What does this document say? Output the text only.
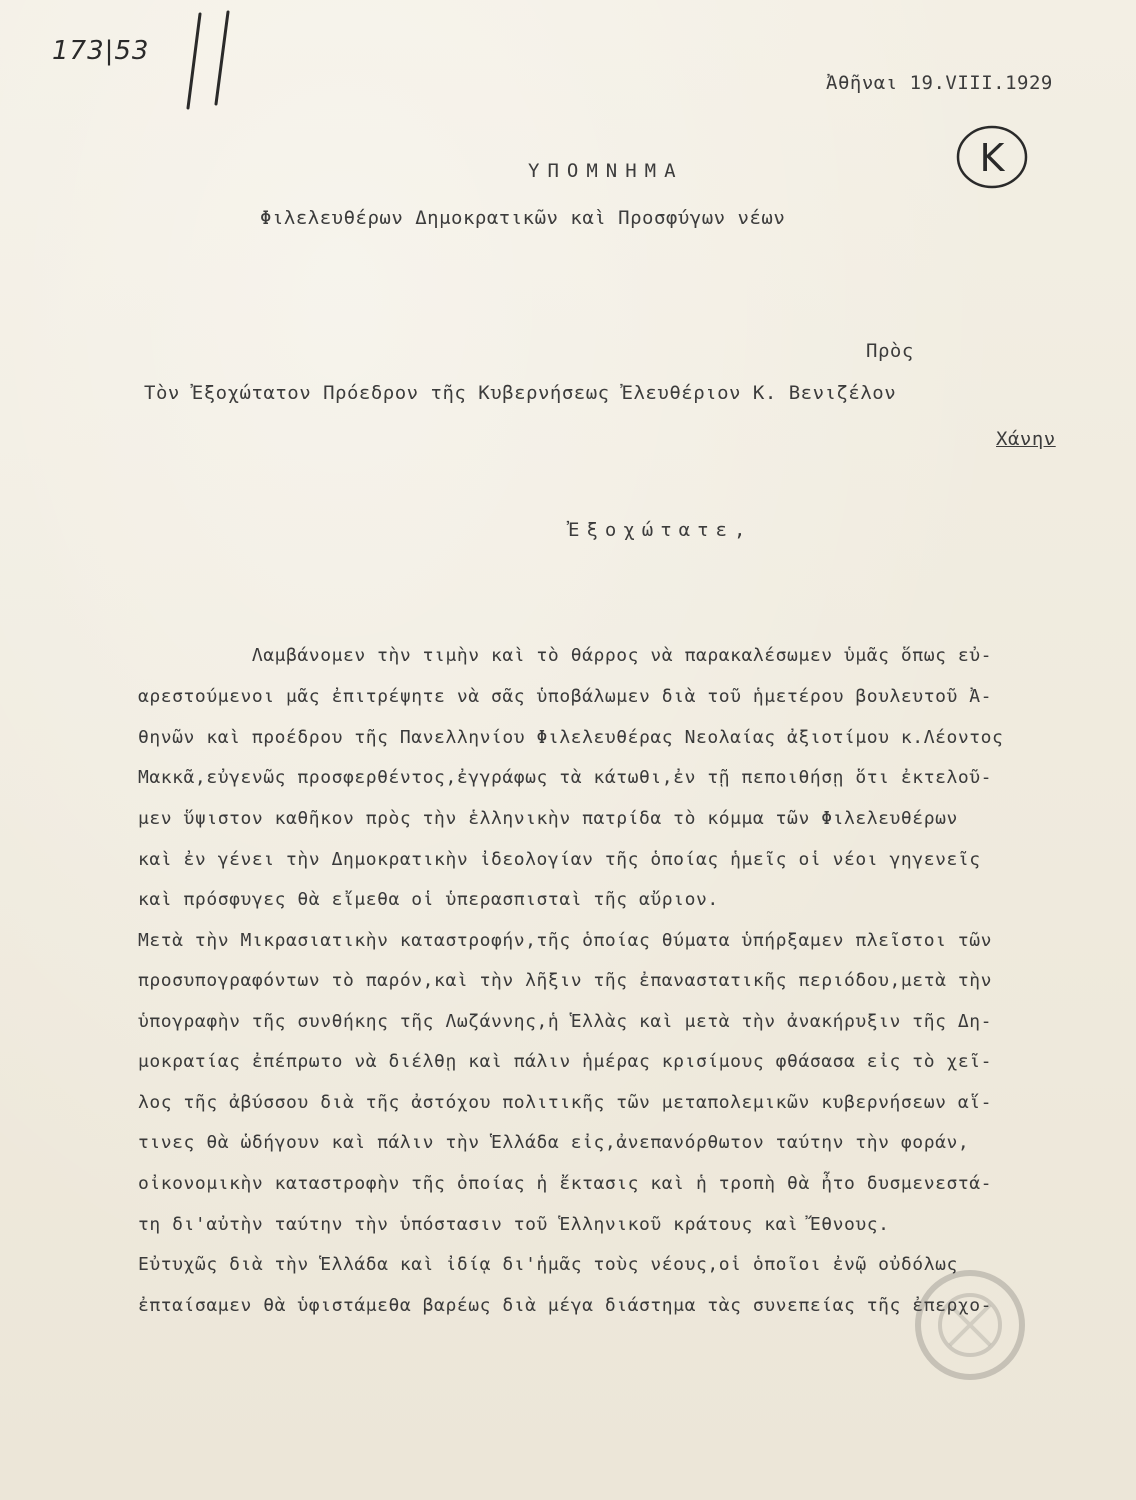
173|53
Ἀθῆναι 19.VIII.1929
K
ΥΠΟΜΝΗΜΑ
Φιλελευθέρων Δημοκρατικῶν καὶ Προσφύγων νέων
Πρὸς
Τὸν Ἐξοχώτατον Πρόεδρον τῆς Κυβερνήσεως Ἐλευθέριον Κ. Βενιζέλον
Χάνην
Ἐξοχώτατε,
Λαμβάνομεν τὴν τιμὴν καὶ τὸ θάρρος νὰ παρακαλέσωμεν ὑμᾶς ὅπως εὐ-
αρεστούμενοι μᾶς ἐπιτρέψητε νὰ σᾶς ὑποβάλωμεν διὰ τοῦ ἡμετέρου βουλευτοῦ Ἀ-
θηνῶν καὶ προέδρου τῆς Πανελληνίου Φιλελευθέρας Νεολαίας ἀξιοτίμου κ.Λέοντος
Μακκᾶ,εὐγενῶς προσφερθέντος,ἐγγράφως τὰ κάτωθι,ἐν τῇ πεποιθήσῃ ὅτι ἐκτελοῦ-
μεν ὕψιστον καθῆκον πρὸς τὴν ἑλληνικὴν πατρίδα τὸ κόμμα τῶν Φιλελευθέρων
καὶ ἐν γένει τὴν Δημοκρατικὴν ἰδεολογίαν τῆς ὁποίας ἡμεῖς οἱ νέοι γηγενεῖς
καὶ πρόσφυγες θὰ εἴμεθα οἱ ὑπερασπισταὶ τῆς αὔριον.
Μετὰ τὴν Μικρασιατικὴν καταστροφήν,τῆς ὁποίας θύματα ὑπήρξαμεν πλεῖστοι τῶν
προσυπογραφόντων τὸ παρόν,καὶ τὴν λῆξιν τῆς ἐπαναστατικῆς περιόδου,μετὰ τὴν
ὑπογραφὴν τῆς συνθήκης τῆς Λωζάννης,ἡ Ἑλλὰς καὶ μετὰ τὴν ἀνακήρυξιν τῆς Δη-
μοκρατίας ἐπέπρωτο νὰ διέλθῃ καὶ πάλιν ἡμέρας κρισίμους φθάσασα εἰς τὸ χεῖ-
λος τῆς ἀβύσσου διὰ τῆς ἀστόχου πολιτικῆς τῶν μεταπολεμικῶν κυβερνήσεων αἵ-
τινες θὰ ὡδήγουν καὶ πάλιν τὴν Ἑλλάδα εἰς,ἀνεπανόρθωτον ταύτην τὴν φοράν,
οἰκονομικὴν καταστροφὴν τῆς ὁποίας ἡ ἔκτασις καὶ ἡ τροπὴ θὰ ἦτο δυσμενεστά-
τη δι'αὐτὴν ταύτην τὴν ὑπόστασιν τοῦ Ἑλληνικοῦ κράτους καὶ Ἔθνους.
Εὐτυχῶς διὰ τὴν Ἑλλάδα καὶ ἰδίᾳ δι'ἡμᾶς τοὺς νέους,οἱ ὁποῖοι ἐνῷ οὐδόλως
ἐπταίσαμεν θὰ ὑφιστάμεθα βαρέως διὰ μέγα διάστημα τὰς συνεπείας τῆς ἐπερχο-
